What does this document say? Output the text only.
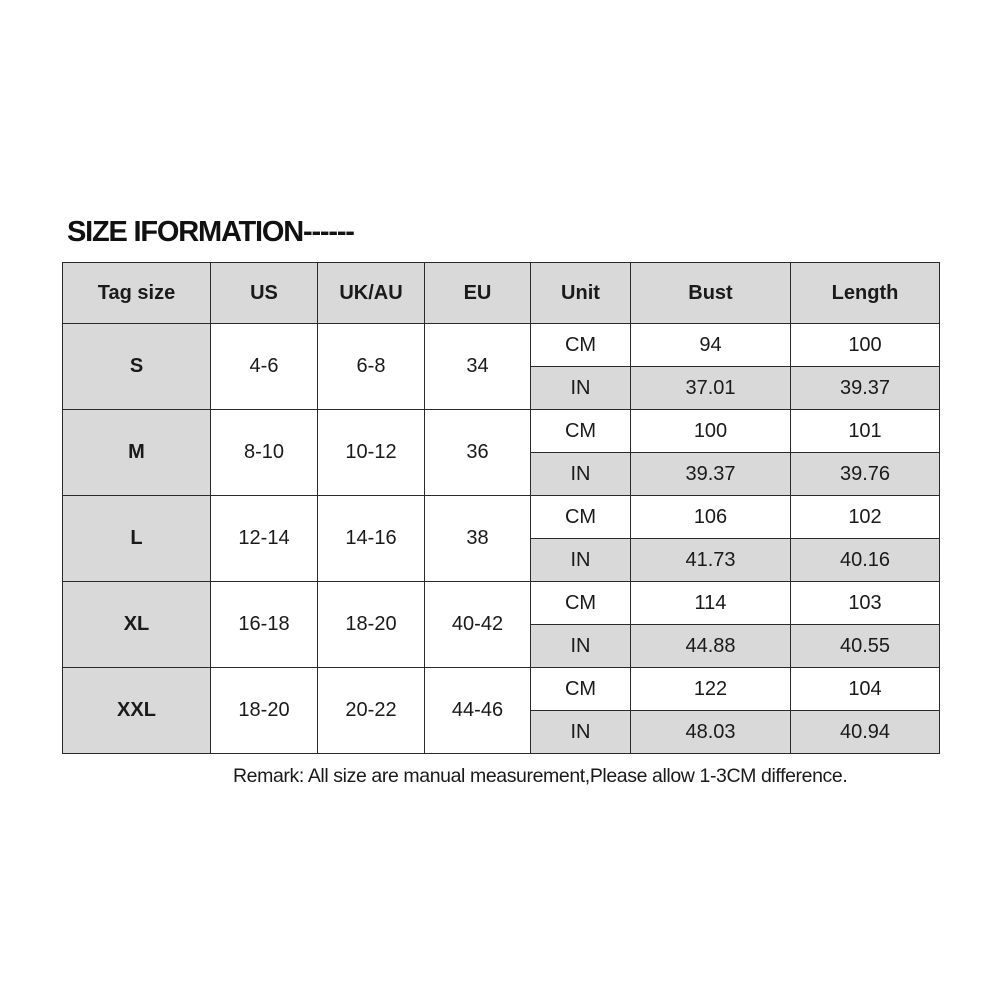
SIZE IFORMATION------
Tag size	US	UK/AU	EU	Unit	Bust	Length
S	4-6	6-8	34	CM	94	100
				IN	37.01	39.37
M	8-10	10-12	36	CM	100	101
				IN	39.37	39.76
L	12-14	14-16	38	CM	106	102
				IN	41.73	40.16
XL	16-18	18-20	40-42	CM	114	103
				IN	44.88	40.55
XXL	18-20	20-22	44-46	CM	122	104
				IN	48.03	40.94
Remark: All size are manual measurement,Please allow 1-3CM difference.
